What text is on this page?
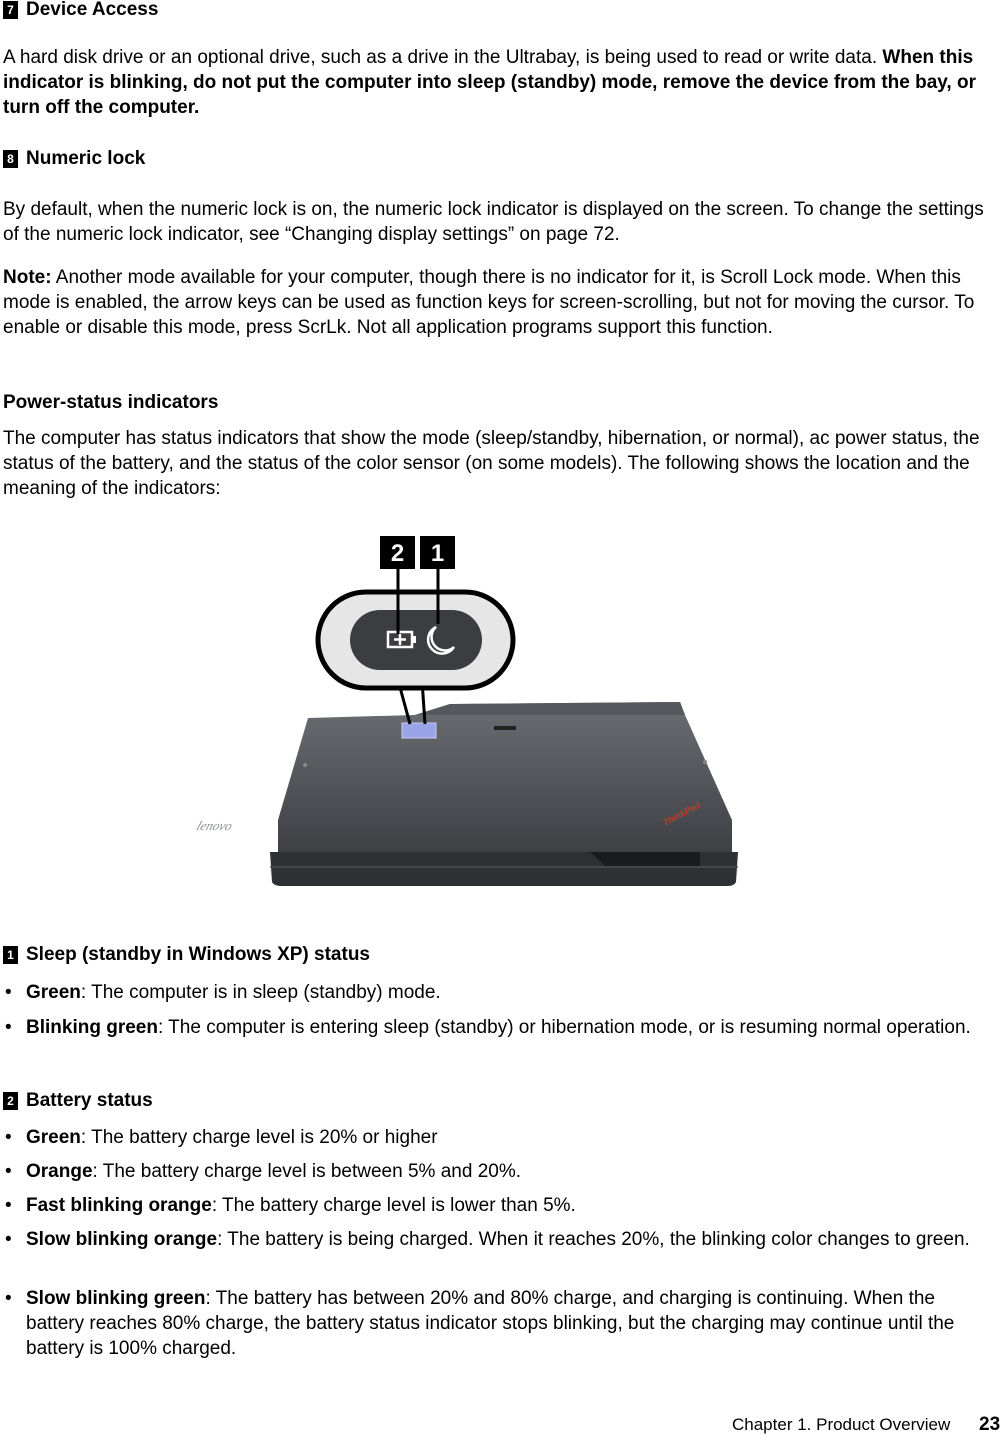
7 Device Access

A hard disk drive or an optional drive, such as a drive in the Ultrabay, is being used to read or write data. When this indicator is blinking, do not put the computer into sleep (standby) mode, remove the device from the bay, or turn off the computer.

8 Numeric lock

By default, when the numeric lock is on, the numeric lock indicator is displayed on the screen. To change the settings of the numeric lock indicator, see “Changing display settings” on page 72.

Note: Another mode available for your computer, though there is no indicator for it, is Scroll Lock mode. When this mode is enabled, the arrow keys can be used as function keys for screen-scrolling, but not for moving the cursor. To enable or disable this mode, press ScrLk. Not all application programs support this function.

Power-status indicators

The computer has status indicators that show the mode (sleep/standby, hibernation, or normal), ac power status, the status of the battery, and the status of the color sensor (on some models). The following shows the location and the meaning of the indicators:

lenovo	ThinkPad
2 1
1 Sleep (standby in Windows XP) status
• Green: The computer is in sleep (standby) mode.
• Blinking green: The computer is entering sleep (standby) or hibernation mode, or is resuming normal operation.
2 Battery status
• Green: The battery charge level is 20% or higher
• Orange: The battery charge level is between 5% and 20%.
• Fast blinking orange: The battery charge level is lower than 5%.
• Slow blinking orange: The battery is being charged. When it reaches 20%, the blinking color changes to green.
• Slow blinking green: The battery has between 20% and 80% charge, and charging is continuing. When the battery reaches 80% charge, the battery status indicator stops blinking, but the charging may continue until the battery is 100% charged.
Chapter 1. Product Overview 23
